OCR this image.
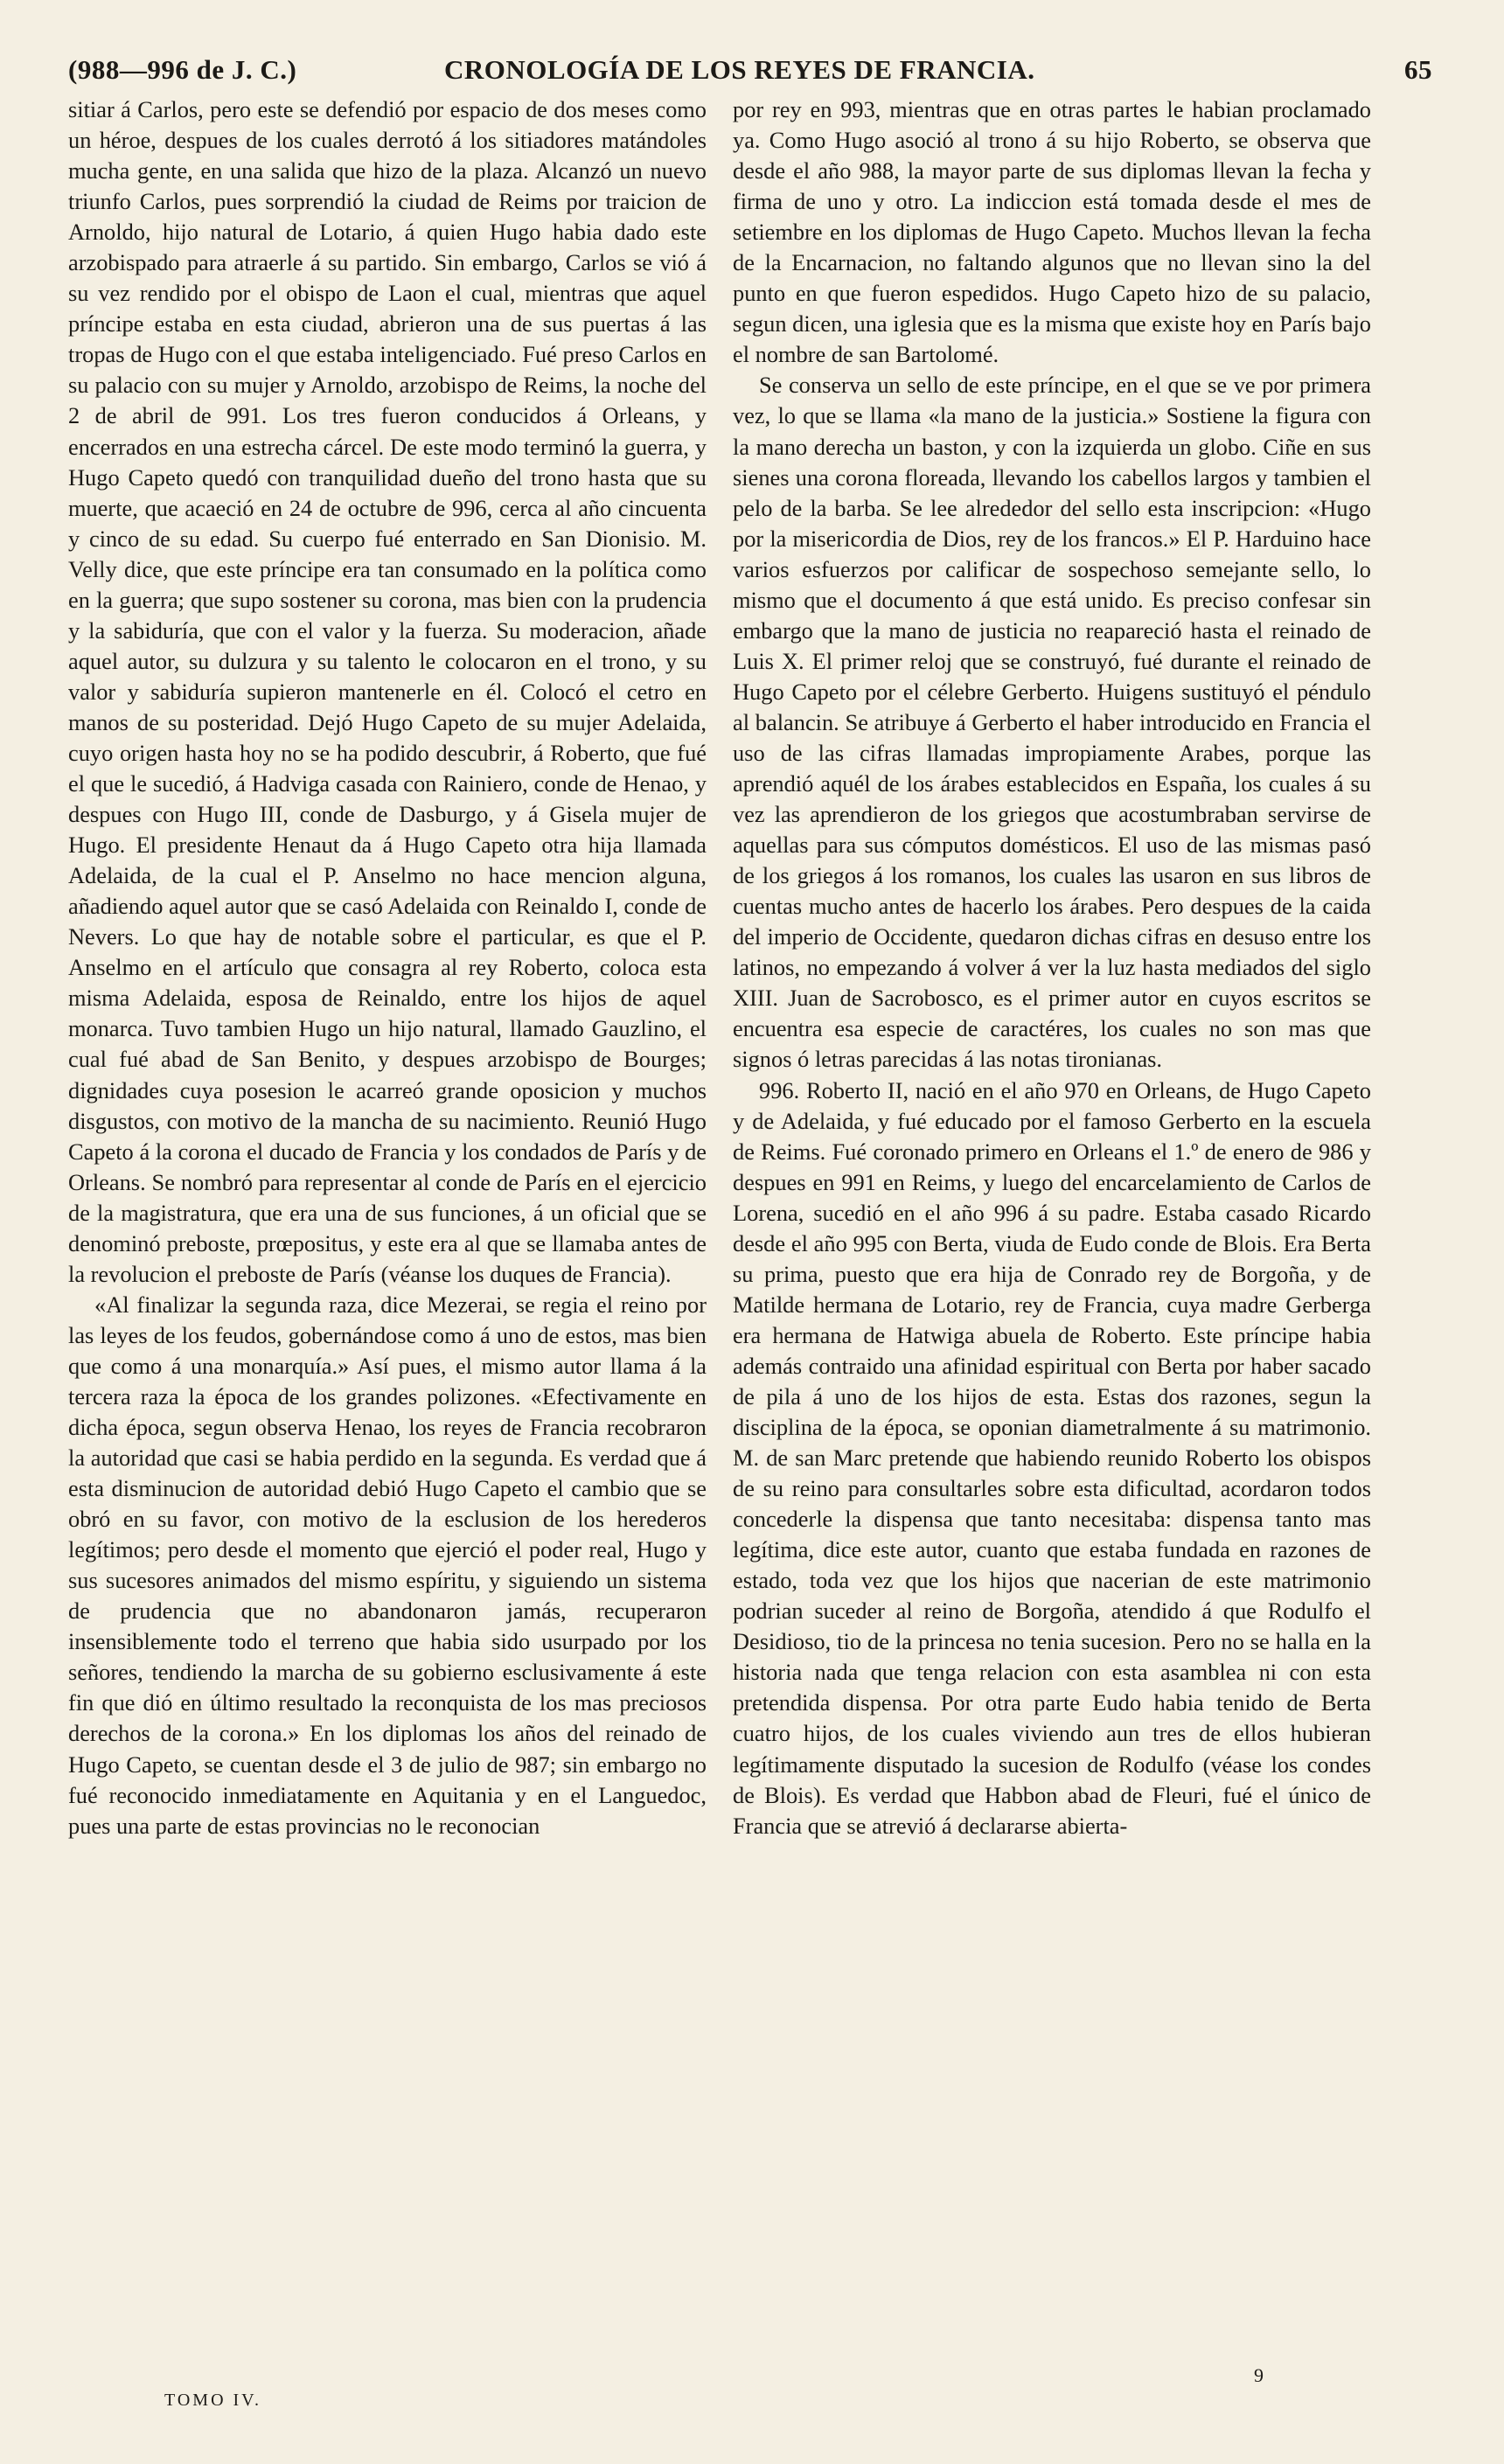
(988—996 de J. C.)	CRONOLOGÍA DE LOS REYES DE FRANCIA.	65

sitiar á Carlos, pero este se defendió por espacio de dos meses como un héroe, despues de los cuales derrotó á los sitiadores matándoles mucha gente, en una salida que hizo de la plaza. Alcanzó un nuevo triunfo Carlos, pues sorprendió la ciudad de Reims por traicion de Arnoldo, hijo natural de Lotario, á quien Hugo habia dado este arzobispado para atraerle á su partido. Sin embargo, Carlos se vió á su vez rendido por el obispo de Laon el cual, mientras que aquel príncipe estaba en esta ciudad, abrieron una de sus puertas á las tropas de Hugo con el que estaba inteligenciado. Fué preso Carlos en su palacio con su mujer y Arnoldo, arzobispo de Reims, la noche del 2 de abril de 991. Los tres fueron conducidos á Orleans, y encerrados en una estrecha cárcel. De este modo terminó la guerra, y Hugo Capeto quedó con tranquilidad dueño del trono hasta que su muerte, que acaeció en 24 de octubre de 996, cerca al año cincuenta y cinco de su edad. Su cuerpo fué enterrado en San Dionisio. M. Velly dice, que este príncipe era tan consumado en la política como en la guerra; que supo sostener su corona, mas bien con la prudencia y la sabiduría, que con el valor y la fuerza. Su moderacion, añade aquel autor, su dulzura y su talento le colocaron en el trono, y su valor y sabiduría supieron mantenerle en él. Colocó el cetro en manos de su posteridad. Dejó Hugo Capeto de su mujer Adelaida, cuyo origen hasta hoy no se ha podido descubrir, á Roberto, que fué el que le sucedió, á Hadviga casada con Rainiero, conde de Henao, y despues con Hugo III, conde de Dasburgo, y á Gisela mujer de Hugo. El presidente Henaut da á Hugo Capeto otra hija llamada Adelaida, de la cual el P. Anselmo no hace mencion alguna, añadiendo aquel autor que se casó Adelaida con Reinaldo I, conde de Nevers. Lo que hay de notable sobre el particular, es que el P. Anselmo en el artículo que consagra al rey Roberto, coloca esta misma Adelaida, esposa de Reinaldo, entre los hijos de aquel monarca. Tuvo tambien Hugo un hijo natural, llamado Gauzlino, el cual fué abad de San Benito, y despues arzobispo de Bourges; dignidades cuya posesion le acarreó grande oposicion y muchos disgustos, con motivo de la mancha de su nacimiento. Reunió Hugo Capeto á la corona el ducado de Francia y los condados de París y de Orleans. Se nombró para representar al conde de París en el ejercicio de la magistratura, que era una de sus funciones, á un oficial que se denominó preboste, prœpositus, y este era al que se llamaba antes de la revolucion el preboste de París (véanse los duques de Francia).

«Al finalizar la segunda raza, dice Mezerai, se regia el reino por las leyes de los feudos, gobernándose como á uno de estos, mas bien que como á una monarquía.» Así pues, el mismo autor llama á la tercera raza la época de los grandes polizones. «Efectivamente en dicha época, segun observa Henao, los reyes de Francia recobraron la autoridad que casi se habia perdido en la segunda. Es verdad que á esta disminucion de autoridad debió Hugo Capeto el cambio que se obró en su favor, con motivo de la esclusion de los herederos legítimos; pero desde el momento que ejerció el poder real, Hugo y sus sucesores animados del mismo espíritu, y siguiendo un sistema de prudencia que no abandonaron jamás, recuperaron insensiblemente todo el terreno que habia sido usurpado por los señores, tendiendo la marcha de su gobierno esclusivamente á este fin que dió en último resultado la reconquista de los mas preciosos derechos de la corona.» En los diplomas los años del reinado de Hugo Capeto, se cuentan desde el 3 de julio de 987; sin embargo no fué reconocido inmediatamente en Aquitania y en el Languedoc, pues una parte de estas provincias no le reconocian

por rey en 993, mientras que en otras partes le habian proclamado ya. Como Hugo asoció al trono á su hijo Roberto, se observa que desde el año 988, la mayor parte de sus diplomas llevan la fecha y firma de uno y otro. La indiccion está tomada desde el mes de setiembre en los diplomas de Hugo Capeto. Muchos llevan la fecha de la Encarnacion, no faltando algunos que no llevan sino la del punto en que fueron espedidos. Hugo Capeto hizo de su palacio, segun dicen, una iglesia que es la misma que existe hoy en París bajo el nombre de san Bartolomé.

Se conserva un sello de este príncipe, en el que se ve por primera vez, lo que se llama «la mano de la justicia.» Sostiene la figura con la mano derecha un baston, y con la izquierda un globo. Ciñe en sus sienes una corona floreada, llevando los cabellos largos y tambien el pelo de la barba. Se lee alrededor del sello esta inscripcion: «Hugo por la misericordia de Dios, rey de los francos.» El P. Harduino hace varios esfuerzos por calificar de sospechoso semejante sello, lo mismo que el documento á que está unido. Es preciso confesar sin embargo que la mano de justicia no reapareció hasta el reinado de Luis X. El primer reloj que se construyó, fué durante el reinado de Hugo Capeto por el célebre Gerberto. Huigens sustituyó el péndulo al balancin. Se atribuye á Gerberto el haber introducido en Francia el uso de las cifras llamadas impropiamente Arabes, porque las aprendió aquél de los árabes establecidos en España, los cuales á su vez las aprendieron de los griegos que acostumbraban servirse de aquellas para sus cómputos domésticos. El uso de las mismas pasó de los griegos á los romanos, los cuales las usaron en sus libros de cuentas mucho antes de hacerlo los árabes. Pero despues de la caida del imperio de Occidente, quedaron dichas cifras en desuso entre los latinos, no empezando á volver á ver la luz hasta mediados del siglo XIII. Juan de Sacrobosco, es el primer autor en cuyos escritos se encuentra esa especie de caractéres, los cuales no son mas que signos ó letras parecidas á las notas tironianas.

996. Roberto II, nació en el año 970 en Orleans, de Hugo Capeto y de Adelaida, y fué educado por el famoso Gerberto en la escuela de Reims. Fué coronado primero en Orleans el 1.º de enero de 986 y despues en 991 en Reims, y luego del encarcelamiento de Carlos de Lorena, sucedió en el año 996 á su padre. Estaba casado Ricardo desde el año 995 con Berta, viuda de Eudo conde de Blois. Era Berta su prima, puesto que era hija de Conrado rey de Borgoña, y de Matilde hermana de Lotario, rey de Francia, cuya madre Gerberga era hermana de Hatwiga abuela de Roberto. Este príncipe habia además contraido una afinidad espiritual con Berta por haber sacado de pila á uno de los hijos de esta. Estas dos razones, segun la disciplina de la época, se oponian diametralmente á su matrimonio. M. de san Marc pretende que habiendo reunido Roberto los obispos de su reino para consultarles sobre esta dificultad, acordaron todos concederle la dispensa que tanto necesitaba: dispensa tanto mas legítima, dice este autor, cuanto que estaba fundada en razones de estado, toda vez que los hijos que nacerian de este matrimonio podrian suceder al reino de Borgoña, atendido á que Rodulfo el Desidioso, tio de la princesa no tenia sucesion. Pero no se halla en la historia nada que tenga relacion con esta asamblea ni con esta pretendida dispensa. Por otra parte Eudo habia tenido de Berta cuatro hijos, de los cuales viviendo aun tres de ellos hubieran legítimamente disputado la sucesion de Rodulfo (véase los condes de Blois). Es verdad que Habbon abad de Fleuri, fué el único de Francia que se atrevió á declararse abierta-

TOMO IV.
9
